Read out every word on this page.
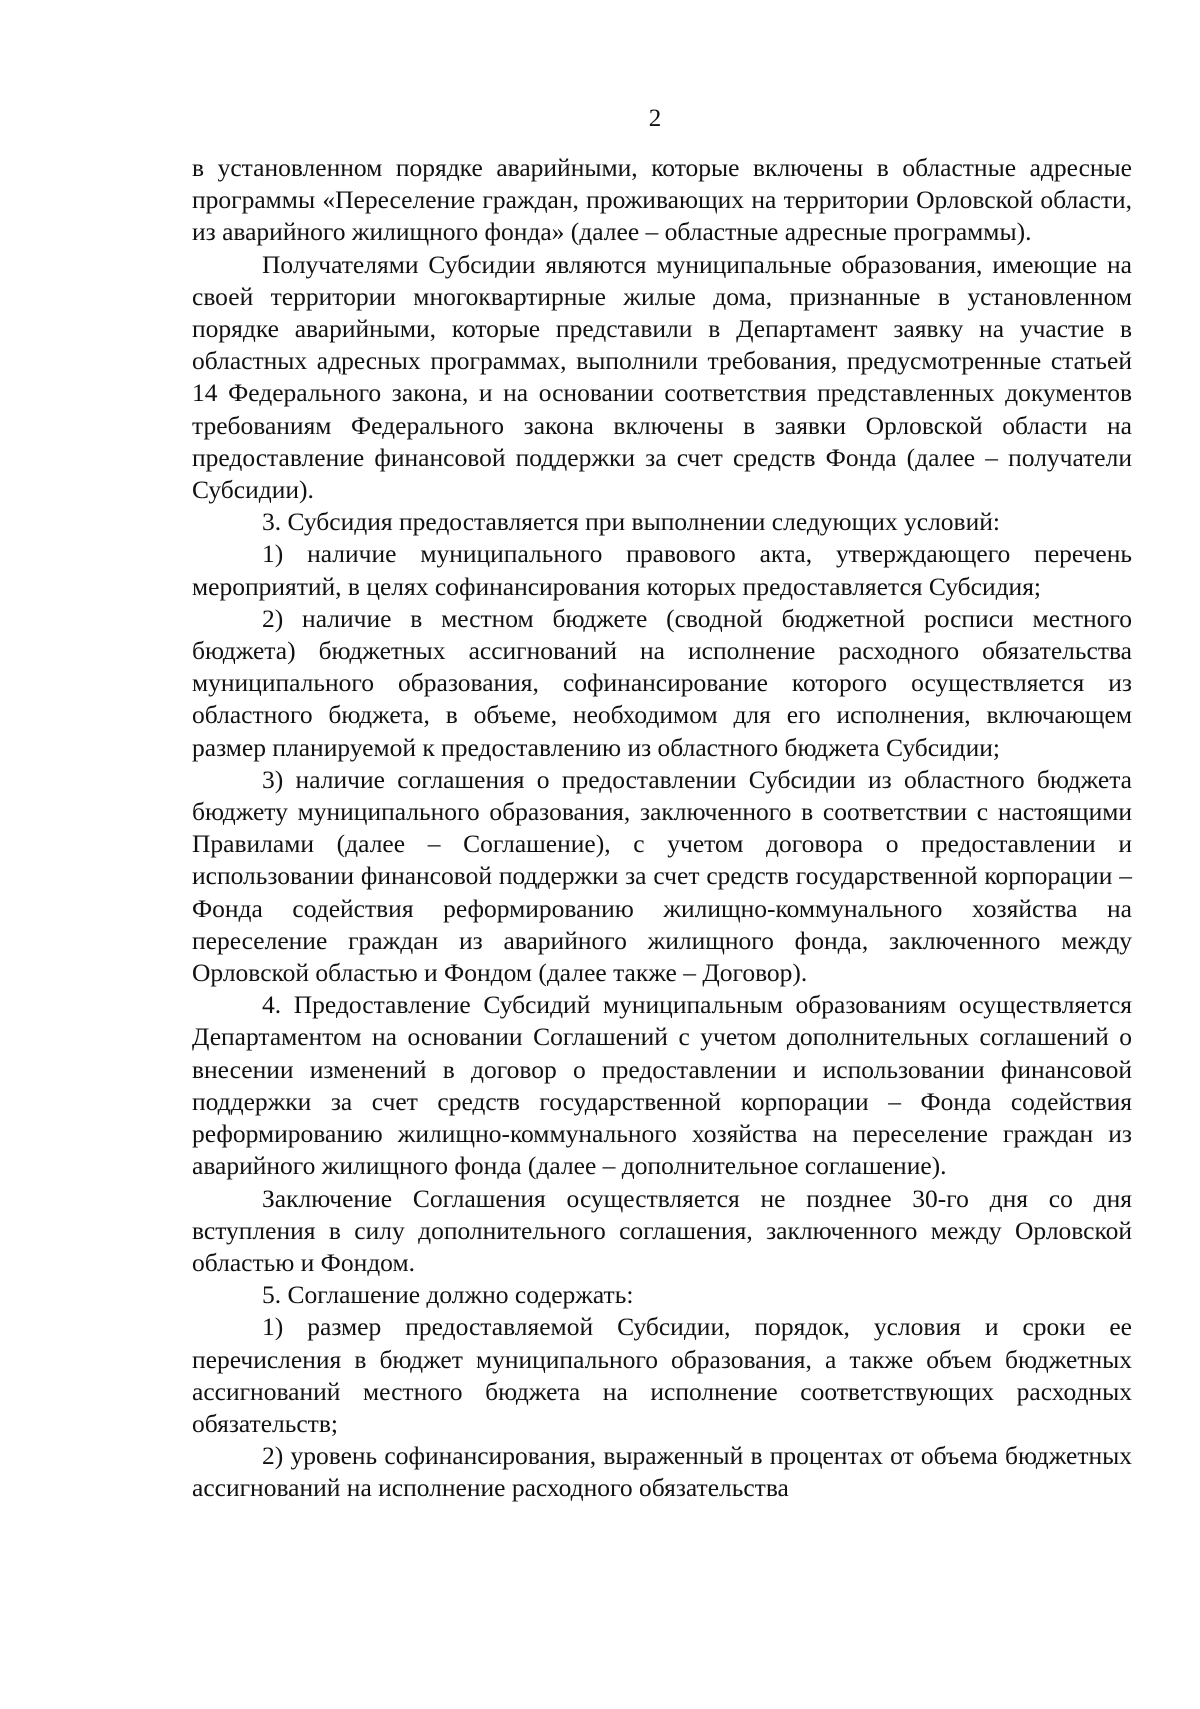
2

в установленном порядке аварийными, которые включены в областные адресные программы «Переселение граждан, проживающих на территории Орловской области, из аварийного жилищного фонда» (далее – областные адресные программы).

Получателями Субсидии являются муниципальные образования, имеющие на своей территории многоквартирные жилые дома, признанные в установленном порядке аварийными, которые представили в Департамент заявку на участие в областных адресных программах, выполнили требования, предусмотренные статьей 14 Федерального закона, и на основании соответствия представленных документов требованиям Федерального закона включены в заявки Орловской области на предоставление финансовой поддержки за счет средств Фонда (далее – получатели Субсидии).

3. Субсидия предоставляется при выполнении следующих условий:

1) наличие муниципального правового акта, утверждающего перечень мероприятий, в целях софинансирования которых предоставляется Субсидия;

2) наличие в местном бюджете (сводной бюджетной росписи местного бюджета) бюджетных ассигнований на исполнение расходного обязательства муниципального образования, софинансирование которого осуществляется из областного бюджета, в объеме, необходимом для его исполнения, включающем размер планируемой к предоставлению из областного бюджета Субсидии;

3) наличие соглашения о предоставлении Субсидии из областного бюджета бюджету муниципального образования, заключенного в соответствии с настоящими Правилами (далее – Соглашение), с учетом договора о предоставлении и использовании финансовой поддержки за счет средств государственной корпорации – Фонда содействия реформированию жилищно-коммунального хозяйства на переселение граждан из аварийного жилищного фонда, заключенного между Орловской областью и Фондом (далее также – Договор).

4. Предоставление Субсидий муниципальным образованиям осуществляется Департаментом на основании Соглашений с учетом дополнительных соглашений о внесении изменений в договор о предоставлении и использовании финансовой поддержки за счет средств государственной корпорации – Фонда содействия реформированию жилищно-коммунального хозяйства на переселение граждан из аварийного жилищного фонда (далее – дополнительное соглашение).

Заключение Соглашения осуществляется не позднее 30-го дня со дня вступления в силу дополнительного соглашения, заключенного между Орловской областью и Фондом.

5. Соглашение должно содержать:

1) размер предоставляемой Субсидии, порядок, условия и сроки ее перечисления в бюджет муниципального образования, а также объем бюджетных ассигнований местного бюджета на исполнение соответствующих расходных обязательств;

2) уровень софинансирования, выраженный в процентах от объема бюджетных ассигнований на исполнение расходного обязательства
